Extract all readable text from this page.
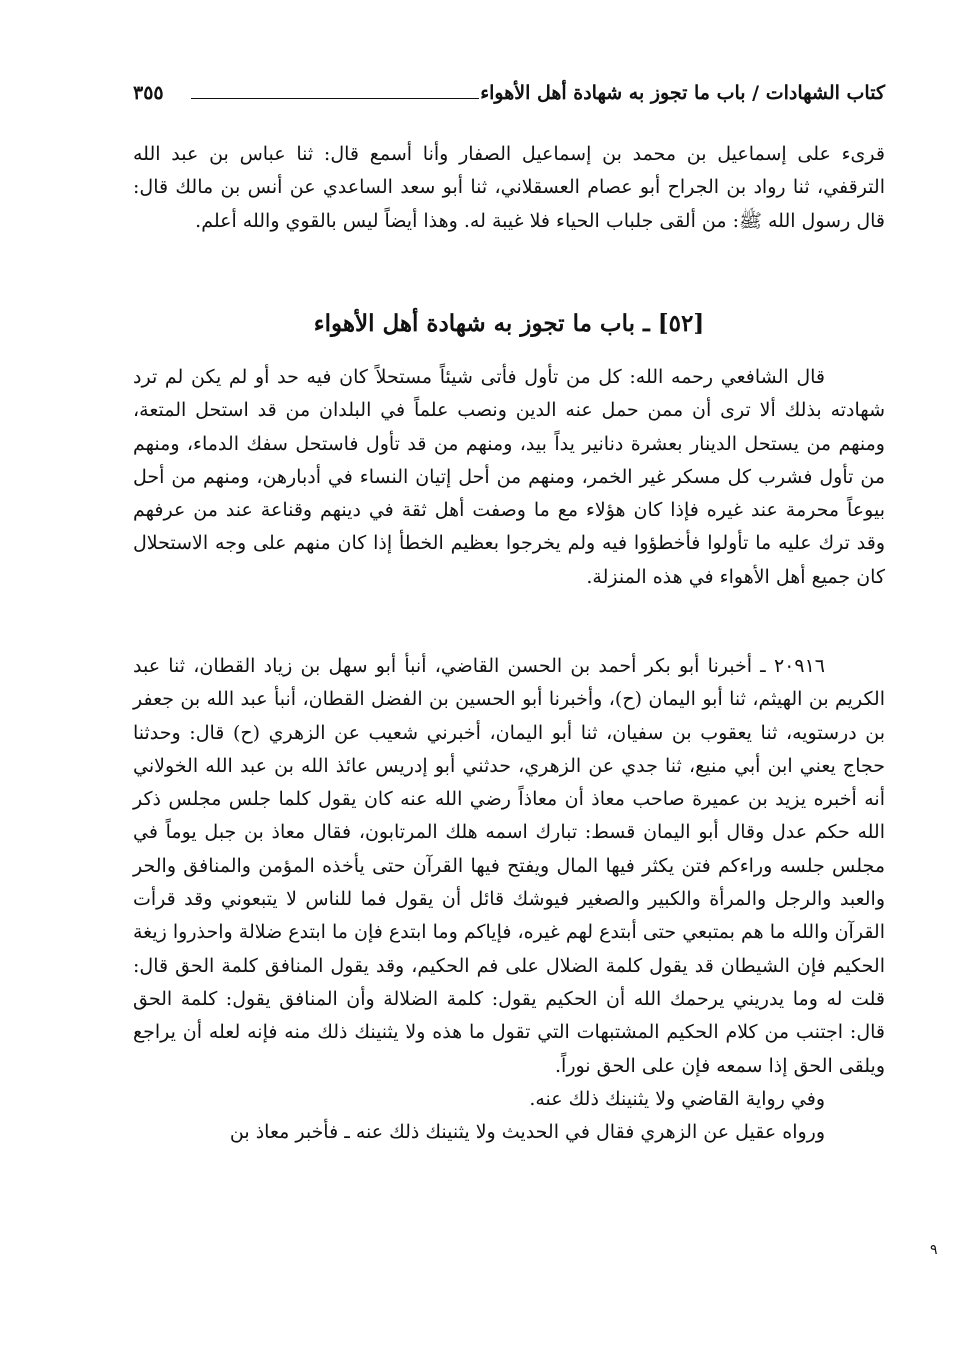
كتاب الشهادات / باب ما تجوز به شهادة أهل الأهواء
٣٥٥

قرىء على إسماعيل بن محمد بن إسماعيل الصفار وأنا أسمع قال: ثنا عباس بن عبد الله الترقفي، ثنا رواد بن الجراح أبو عصام العسقلاني، ثنا أبو سعد الساعدي عن أنس بن مالك قال: قال رسول الله ﷺ: من ألقى جلباب الحياء فلا غيبة له. وهذا أيضاً ليس بالقوي والله أعلم.

[٥٢] ـ باب ما تجوز به شهادة أهل الأهواء

قال الشافعي رحمه الله: كل من تأول فأتى شيئاً مستحلاً كان فيه حد أو لم يكن لم ترد شهادته بذلك ألا ترى أن ممن حمل عنه الدين ونصب علماً في البلدان من قد استحل المتعة، ومنهم من يستحل الدينار بعشرة دنانير يداً بيد، ومنهم من قد تأول فاستحل سفك الدماء، ومنهم من تأول فشرب كل مسكر غير الخمر، ومنهم من أحل إتيان النساء في أدبارهن، ومنهم من أحل بيوعاً محرمة عند غيره فإذا كان هؤلاء مع ما وصفت أهل ثقة في دينهم وقناعة عند من عرفهم وقد ترك عليه ما تأولوا فأخطؤوا فيه ولم يخرجوا بعظيم الخطأ إذا كان منهم على وجه الاستحلال كان جميع أهل الأهواء في هذه المنزلة.

٢٠٩١٦ ـ أخبرنا أبو بكر أحمد بن الحسن القاضي، أنبأ أبو سهل بن زياد القطان، ثنا عبد الكريم بن الهيثم، ثنا أبو اليمان (ح)، وأخبرنا أبو الحسين بن الفضل القطان، أنبأ عبد الله بن جعفر بن درستويه، ثنا يعقوب بن سفيان، ثنا أبو اليمان، أخبرني شعيب عن الزهري (ح) قال: وحدثنا حجاج يعني ابن أبي منيع، ثنا جدي عن الزهري، حدثني أبو إدريس عائذ الله بن عبد الله الخولاني أنه أخبره يزيد بن عميرة صاحب معاذ أن معاذاً رضي الله عنه كان يقول كلما جلس مجلس ذكر الله حكم عدل وقال أبو اليمان قسط: تبارك اسمه هلك المرتابون، فقال معاذ بن جبل يوماً في مجلس جلسه وراءكم فتن يكثر فيها المال ويفتح فيها القرآن حتى يأخذه المؤمن والمنافق والحر والعبد والرجل والمرأة والكبير والصغير فيوشك قائل أن يقول فما للناس لا يتبعوني وقد قرأت القرآن والله ما هم بمتبعي حتى أبتدع لهم غيره، فإياكم وما ابتدع فإن ما ابتدع ضلالة واحذروا زيغة الحكيم فإن الشيطان قد يقول كلمة الضلال على فم الحكيم، وقد يقول المنافق كلمة الحق قال: قلت له وما يدريني يرحمك الله أن الحكيم يقول: كلمة الضلالة وأن المنافق يقول: كلمة الحق قال: اجتنب من كلام الحكيم المشتبهات التي تقول ما هذه ولا يثنينك ذلك منه فإنه لعله أن يراجع ويلقى الحق إذا سمعه فإن على الحق نوراً.

وفي رواية القاضي ولا يثنينك ذلك عنه.

ورواه عقيل عن الزهري فقال في الحديث ولا يثنينك ذلك عنه ـ فأخبر معاذ بن

٩
